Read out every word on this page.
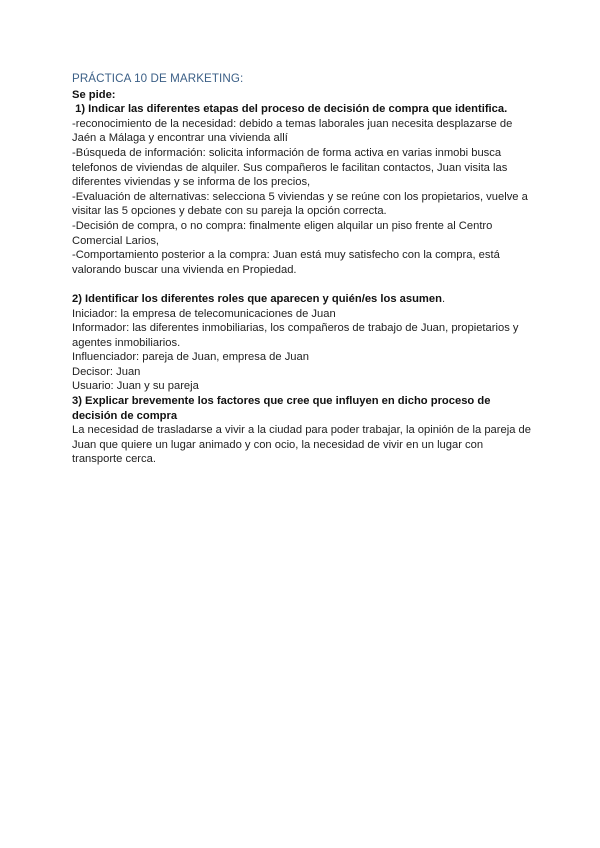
PRÁCTICA 10 DE MARKETING:

Se pide:

1) Indicar las diferentes etapas del proceso de decisión de compra que identifica.

-reconocimiento de la necesidad: debido a temas laborales juan necesita desplazarse de

Jaén a Málaga y encontrar una vivienda allí

-Búsqueda de información: solicita información de forma activa en varias inmobi busca

telefonos de viviendas de alquiler. Sus compañeros le facilitan contactos, Juan visita las

diferentes viviendas y se informa de los precios,

-Evaluación de alternativas: selecciona 5 viviendas y se reúne con los propietarios, vuelve a

visitar las 5 opciones y debate con su pareja la opción correcta.

-Decisión de compra, o no compra: finalmente eligen alquilar un piso frente al Centro

Comercial Larios,

-Comportamiento posterior a la compra: Juan está muy satisfecho con la compra, está

valorando buscar una vivienda en Propiedad.

2) Identificar los diferentes roles que aparecen y quién/es los asumen.

Iniciador: la empresa de telecomunicaciones de Juan

Informador: las diferentes inmobiliarias, los compañeros de trabajo de Juan, propietarios y

agentes inmobiliarios.

Influenciador: pareja de Juan, empresa de Juan

Decisor: Juan

Usuario: Juan y su pareja

3) Explicar brevemente los factores que cree que influyen en dicho proceso de

decisión de compra

La necesidad de trasladarse a vivir a la ciudad para poder trabajar, la opinión de la pareja de

Juan que quiere un lugar animado y con ocio, la necesidad de vivir en un lugar con

transporte cerca.
